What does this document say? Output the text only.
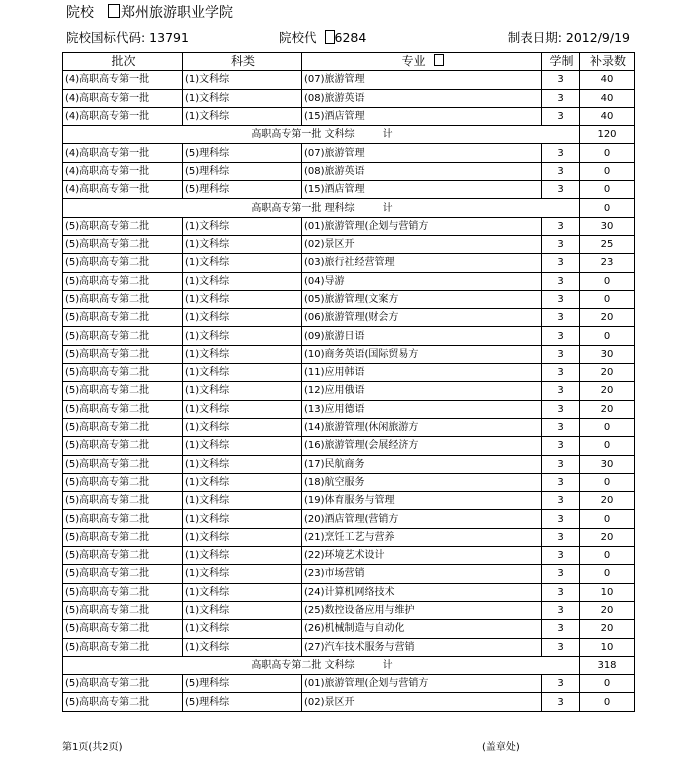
院校 郑州旅游职业学院
院校国标代码: 13791	院校代 6284	制表日期: 2012/9/19
批次	科类	专业	学制	补录数
(4)高职高专第一批	(1)文科综	(07)旅游管理	3	40
(4)高职高专第一批	(1)文科综	(08)旅游英语	3	40
(4)高职高专第一批	(1)文科综	(15)酒店管理	3	40
高职高专第一批 文科综 计				120
(4)高职高专第一批	(5)理科综	(07)旅游管理	3	0
(4)高职高专第一批	(5)理科综	(08)旅游英语	3	0
(4)高职高专第一批	(5)理科综	(15)酒店管理	3	0
高职高专第一批 理科综 计				0
(5)高职高专第二批	(1)文科综	(01)旅游管理(企划与营销方	3	30
(5)高职高专第二批	(1)文科综	(02)景区开	3	25
(5)高职高专第二批	(1)文科综	(03)旅行社经营管理	3	23
(5)高职高专第二批	(1)文科综	(04)导游	3	0
(5)高职高专第二批	(1)文科综	(05)旅游管理(文案方	3	0
(5)高职高专第二批	(1)文科综	(06)旅游管理(财会方	3	20
(5)高职高专第二批	(1)文科综	(09)旅游日语	3	0
(5)高职高专第二批	(1)文科综	(10)商务英语(国际贸易方	3	30
(5)高职高专第二批	(1)文科综	(11)应用韩语	3	20
(5)高职高专第二批	(1)文科综	(12)应用俄语	3	20
(5)高职高专第二批	(1)文科综	(13)应用德语	3	20
(5)高职高专第二批	(1)文科综	(14)旅游管理(休闲旅游方	3	0
(5)高职高专第二批	(1)文科综	(16)旅游管理(会展经济方	3	0
(5)高职高专第二批	(1)文科综	(17)民航商务	3	30
(5)高职高专第二批	(1)文科综	(18)航空服务	3	0
(5)高职高专第二批	(1)文科综	(19)体育服务与管理	3	20
(5)高职高专第二批	(1)文科综	(20)酒店管理(营销方	3	0
(5)高职高专第二批	(1)文科综	(21)烹饪工艺与营养	3	20
(5)高职高专第二批	(1)文科综	(22)环境艺术设计	3	0
(5)高职高专第二批	(1)文科综	(23)市场营销	3	0
(5)高职高专第二批	(1)文科综	(24)计算机网络技术	3	10
(5)高职高专第二批	(1)文科综	(25)数控设备应用与维护	3	20
(5)高职高专第二批	(1)文科综	(26)机械制造与自动化	3	20
(5)高职高专第二批	(1)文科综	(27)汽车技术服务与营销	3	10
高职高专第二批 文科综 计				318
(5)高职高专第二批	(5)理科综	(01)旅游管理(企划与营销方	3	0
(5)高职高专第二批	(5)理科综	(02)景区开	3	0
第1页(共2页)	(盖章处)
